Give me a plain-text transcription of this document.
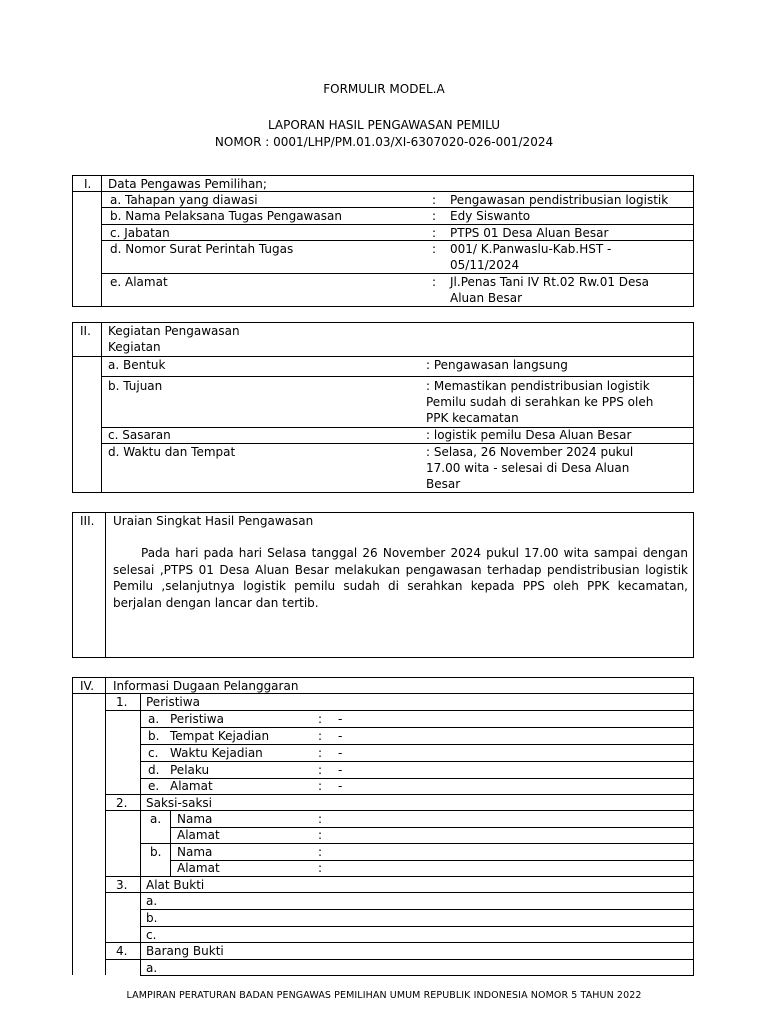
FORMULIR MODEL.A
LAPORAN HASIL PENGAWASAN PEMILU
NOMOR : 0001/LHP/PM.01.03/XI-6307020-026-001/2024
I. Data Pengawas Pemilihan;
a. Tahapan yang diawasi	: Pengawasan pendistribusian logistik
b. Nama Pelaksana Tugas Pengawasan	: Edy Siswanto
c. Jabatan	: PTPS 01 Desa Aluan Besar
d. Nomor Surat Perintah Tugas	: 001/ K.Panwaslu-Kab.HST -
05/11/2024
e. Alamat	: Jl.Penas Tani IV Rt.02 Rw.01 Desa
Aluan Besar
II. Kegiatan Pengawasan
Kegiatan
a. Bentuk	: Pengawasan langsung
b. Tujuan	: Memastikan pendistribusian logistik
Pemilu sudah di serahkan ke PPS oleh
PPK kecamatan
c. Sasaran	: logistik pemilu Desa Aluan Besar
d. Waktu dan Tempat	: Selasa, 26 November 2024 pukul
17.00 wita - selesai di Desa Aluan
Besar
III. Uraian Singkat Hasil Pengawasan
Pada hari pada hari Selasa tanggal 26 November 2024 pukul 17.00 wita sampai dengan selesai ,PTPS 01 Desa Aluan Besar melakukan pengawasan terhadap pendistribusian logistik Pemilu ,selanjutnya logistik pemilu sudah di serahkan kepada PPS oleh PPK kecamatan, berjalan dengan lancar dan tertib.
IV. Informasi Dugaan Pelanggaran
1. Peristiwa
a. Peristiwa	: -
b. Tempat Kejadian	: -
c. Waktu Kejadian	: -
d. Pelaku	: -
e. Alamat	: -
2. Saksi-saksi
a. Nama	:
Alamat	:
b. Nama	:
Alamat	:
3. Alat Bukti
a.
b.
c.
4. Barang Bukti
a.
LAMPIRAN PERATURAN BADAN PENGAWAS PEMILIHAN UMUM REPUBLIK INDONESIA NOMOR 5 TAHUN 2022
